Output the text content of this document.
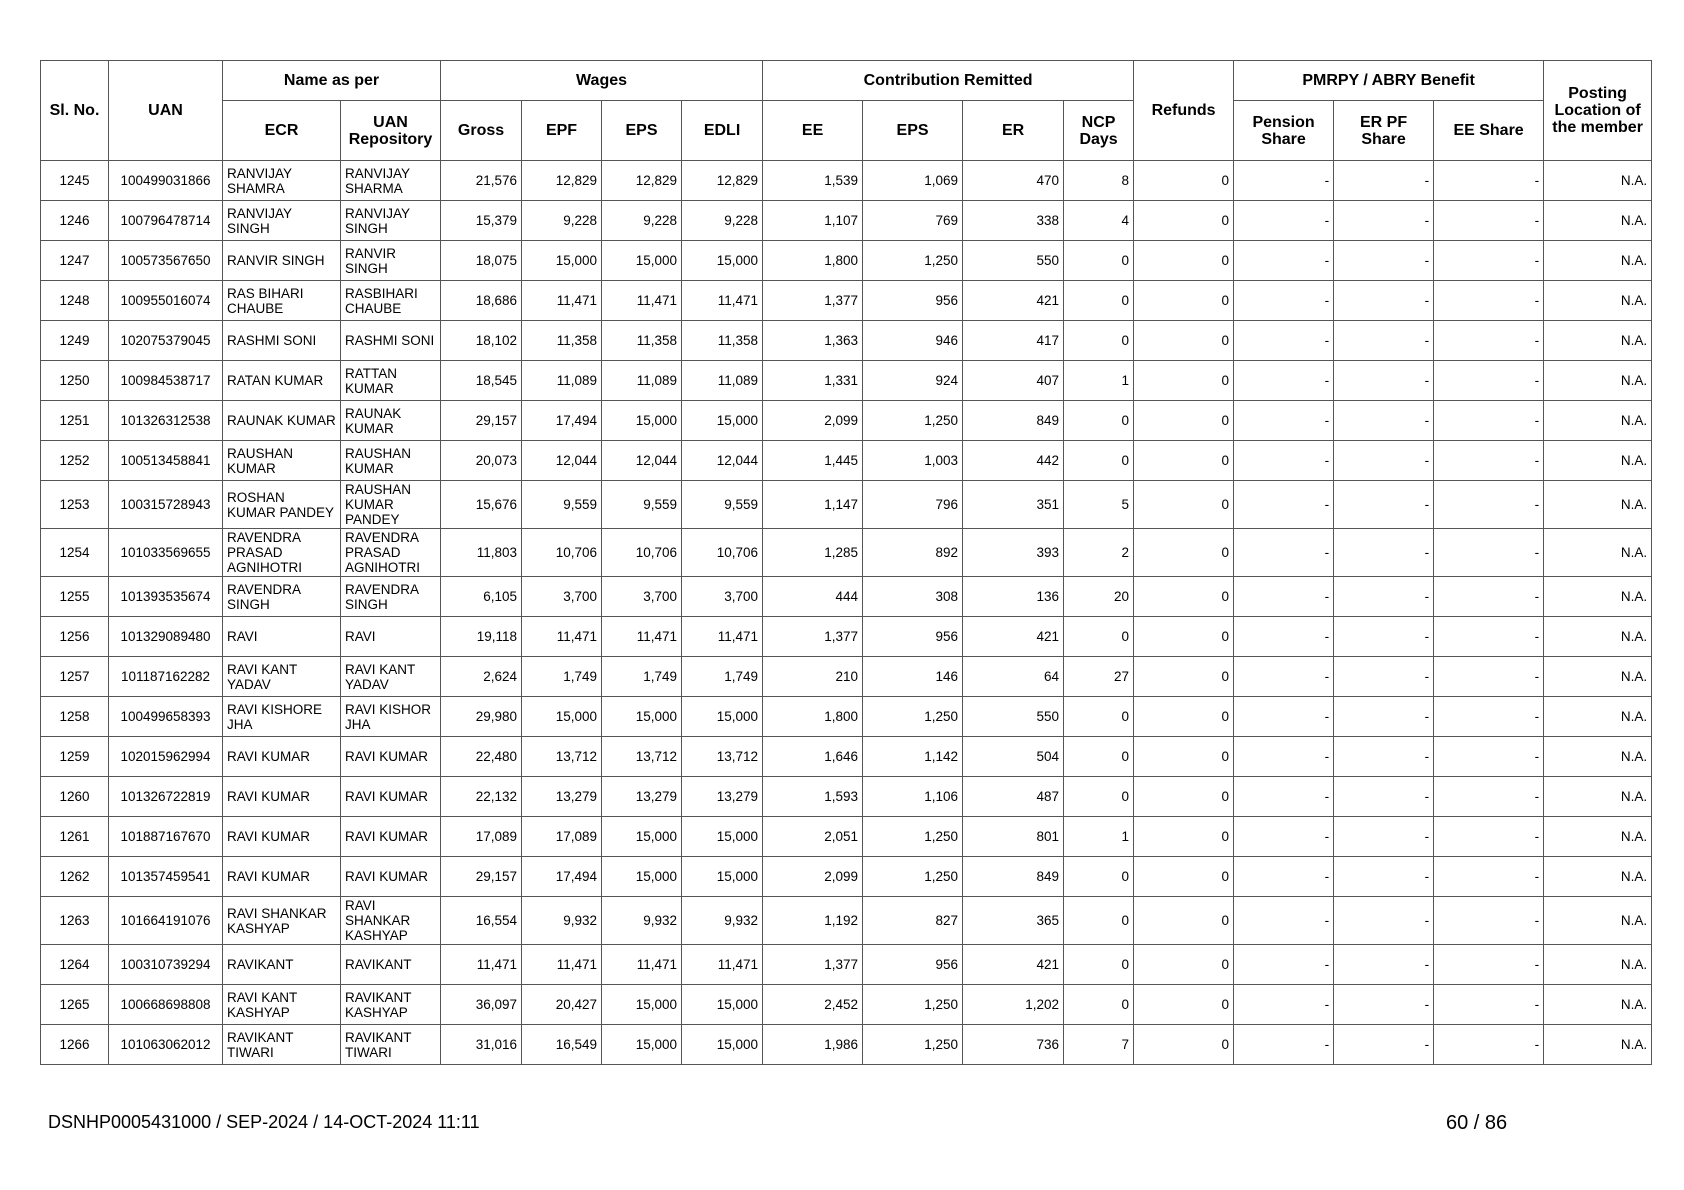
Sl. No.	UAN	Name as per		Wages				Contribution Remitted				Refunds	PMRPY / ABRY Benefit			Posting Location of the member
		ECR	UAN Repository	Gross	EPF	EPS	EDLI	EE	EPS	ER	NCP Days		Pension Share	ER PF Share	EE Share	
1245	100499031866	RANVIJAY SHAMRA	RANVIJAY SHARMA	21,576	12,829	12,829	12,829	1,539	1,069	470	8	0	-	-	-	N.A.
1246	100796478714	RANVIJAY SINGH	RANVIJAY SINGH	15,379	9,228	9,228	9,228	1,107	769	338	4	0	-	-	-	N.A.
1247	100573567650	RANVIR SINGH	RANVIR SINGH	18,075	15,000	15,000	15,000	1,800	1,250	550	0	0	-	-	-	N.A.
1248	100955016074	RAS BIHARI CHAUBE	RASBIHARI CHAUBE	18,686	11,471	11,471	11,471	1,377	956	421	0	0	-	-	-	N.A.
1249	102075379045	RASHMI SONI	RASHMI SONI	18,102	11,358	11,358	11,358	1,363	946	417	0	0	-	-	-	N.A.
1250	100984538717	RATAN KUMAR	RATTAN KUMAR	18,545	11,089	11,089	11,089	1,331	924	407	1	0	-	-	-	N.A.
1251	101326312538	RAUNAK KUMAR	RAUNAK KUMAR	29,157	17,494	15,000	15,000	2,099	1,250	849	0	0	-	-	-	N.A.
1252	100513458841	RAUSHAN KUMAR	RAUSHAN KUMAR	20,073	12,044	12,044	12,044	1,445	1,003	442	0	0	-	-	-	N.A.
1253	100315728943	ROSHAN KUMAR PANDEY	RAUSHAN KUMAR PANDEY	15,676	9,559	9,559	9,559	1,147	796	351	5	0	-	-	-	N.A.
1254	101033569655	RAVENDRA PRASAD AGNIHOTRI	RAVENDRA PRASAD AGNIHOTRI	11,803	10,706	10,706	10,706	1,285	892	393	2	0	-	-	-	N.A.
1255	101393535674	RAVENDRA SINGH	RAVENDRA SINGH	6,105	3,700	3,700	3,700	444	308	136	20	0	-	-	-	N.A.
1256	101329089480	RAVI	RAVI	19,118	11,471	11,471	11,471	1,377	956	421	0	0	-	-	-	N.A.
1257	101187162282	RAVI KANT YADAV	RAVI KANT YADAV	2,624	1,749	1,749	1,749	210	146	64	27	0	-	-	-	N.A.
1258	100499658393	RAVI KISHORE JHA	RAVI KISHOR JHA	29,980	15,000	15,000	15,000	1,800	1,250	550	0	0	-	-	-	N.A.
1259	102015962994	RAVI KUMAR	RAVI KUMAR	22,480	13,712	13,712	13,712	1,646	1,142	504	0	0	-	-	-	N.A.
1260	101326722819	RAVI KUMAR	RAVI KUMAR	22,132	13,279	13,279	13,279	1,593	1,106	487	0	0	-	-	-	N.A.
1261	101887167670	RAVI KUMAR	RAVI KUMAR	17,089	17,089	15,000	15,000	2,051	1,250	801	1	0	-	-	-	N.A.
1262	101357459541	RAVI KUMAR	RAVI KUMAR	29,157	17,494	15,000	15,000	2,099	1,250	849	0	0	-	-	-	N.A.
1263	101664191076	RAVI SHANKAR KASHYAP	RAVI SHANKAR KASHYAP	16,554	9,932	9,932	9,932	1,192	827	365	0	0	-	-	-	N.A.
1264	100310739294	RAVIKANT	RAVIKANT	11,471	11,471	11,471	11,471	1,377	956	421	0	0	-	-	-	N.A.
1265	100668698808	RAVI KANT KASHYAP	RAVIKANT KASHYAP	36,097	20,427	15,000	15,000	2,452	1,250	1,202	0	0	-	-	-	N.A.
1266	101063062012	RAVIKANT TIWARI	RAVIKANT TIWARI	31,016	16,549	15,000	15,000	1,986	1,250	736	7	0	-	-	-	N.A.
DSNHP0005431000 / SEP-2024 / 14-OCT-2024 11:11	60 / 86
